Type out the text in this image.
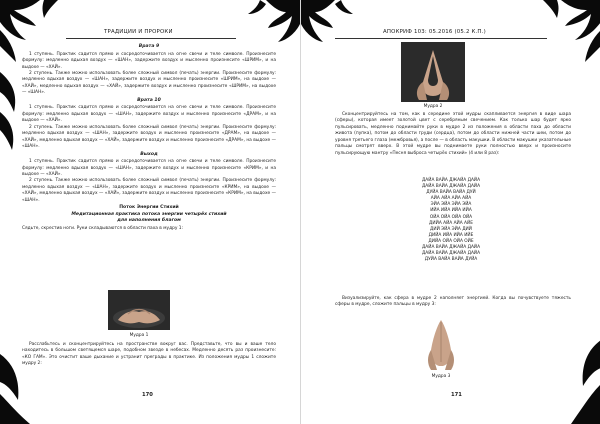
ТРАДИЦИИ И ПРОРОКИ
Врата 9

1 ступень. Практик садится прямо и сосредоточивается на огне свечи и теле символе. Произнесите формулу: медленно вдыхая воздух — «ШАН», задержите воздух и мысленно произнесите «ШРИМ», и на выдохе — «ХАЙ».

2 ступень. Также можно использовать более сложный символ (печать) энергии. Произнесите формулу: медленно вдыхая воздух — «ШАН», задержите воздух и мысленно произнесите «ШРИМ», на выдохе — «ХАЙ», медленно вдыхая воздух — «ХАЙ», задержите воздух и мысленно произнесите «ШРИМ», на выдохе — «ШАН».

Врата 10

1 ступень. Практик садится прямо и сосредоточивается на огне свечи и теле символе. Произнесите формулу: медленно вдыхая воздух — «ШАН», задержите воздух и мысленно произнесите «ДРАМ», и на выдохе — «ХАЙ».

2 ступень. Также можно использовать более сложный символ (печать) энергии. Произнесите формулу: медленно вдыхая воздух — «ШАН», задержите воздух и мысленно произнесите «ДРАМ», на выдохе — «ХАЙ», медленно вдыхая воздух — «ХАЙ», задержите воздух и мысленно произнесите «ДРАМ», на выдохе — «ШАН».

Выход

1 ступень. Практик садится прямо и сосредоточивается на огне свечи и теле символе. Произнесите формулу: медленно вдыхая воздух — «ШАН», задержите воздух и мысленно произнесите «КРИМ», и на выдохе — «ХАЙ».

2 ступень. Также можно использовать более сложный символ (печать) энергии. Произнесите формулу: медленно вдыхая воздух — «ШАН», задержите воздух и мысленно произнесите «КРИМ», на выдохе — «ХАЙ», медленно вдыхая воздух — «ХАЙ», задержите воздух и мысленно произнесите «КРИМ», на выдохе — «ШАН».

Поток Энергии Стихий
Медитационная практика потока энергии четырёх стихий
для наполнения благом

Сядьте, скрестив ноги. Руки складываются в области паха в мудру 1:

Мудра 1

Расслабьтесь и сконцентрируйтесь на пространстве вокруг вас. Представьте, что вы и ваше тело находитесь в большом светящемся шаре, подобном звезде в небесах. Медленно десять раз произнесите: «КО ГАМ». Это очистит ваше дыхание и устранит преграды в практике. Из положения мудры 1 сложите мудру 2:

170
АПОКРИФ 103: 05.2016 (05.2 К.П.)
Мудра 2

Сконцентрируйтесь на том, как в середине этой мудры скапливается энергия в виде шара (сферы), которая имеет золотой цвет с серебряным свечением. Как только шар будет ярко пульсировать, медленно поднимайте руки в мудре 2 из положения в области паха до области живота (пупка), потом до области груди (сердца), потом до области нижней части шеи, потом до уровня третьего глаза (межбровья), а после — в область макушки. В области макушки указательные пальцы смотрят вверх. В этой мудре вы поднимаете руки полностью вверх и произносите пульсирующую мантру «Песня выброса четырёх стихий» (4 или 8 раз):

ДАЙА ВАЙА ДЖАЙА ДАЙА
ДАЙА ВАЙА ДЖАЙА ДАЙА
ДУЙА ВАЙА ВАЙА ДУЙ
АЙА АЙА АЙА АЙА
ЭЙА ЭЙА ЭЙА ЭЙА
ИЙА ИЙА ИЙА ИЙА
ОЙА ОЙА ОЙА ОЙА
ДИЙА АЙА АЙА АЙЕ
ДИЙ ЭЙА ЭЙА ДИЙ
ДИЙА ИЙА ИЙА ИЙЕ
ДИЙА ОЙА ОЙА ОЙЕ
ДАЙА ВАЙА ДЖАЙА ДАЙА
ДАЙА ВАЙА ДЖАЙА ДАЙА
ДУЙА ВАЙА ВАЙА ДУЙА

Визуализируйте, как сфера в мудре 2 наполняет энергией. Когда вы почувствуете тяжесть сферы в мудре, сложите пальцы в мудру 3:

Мудра 3
171
